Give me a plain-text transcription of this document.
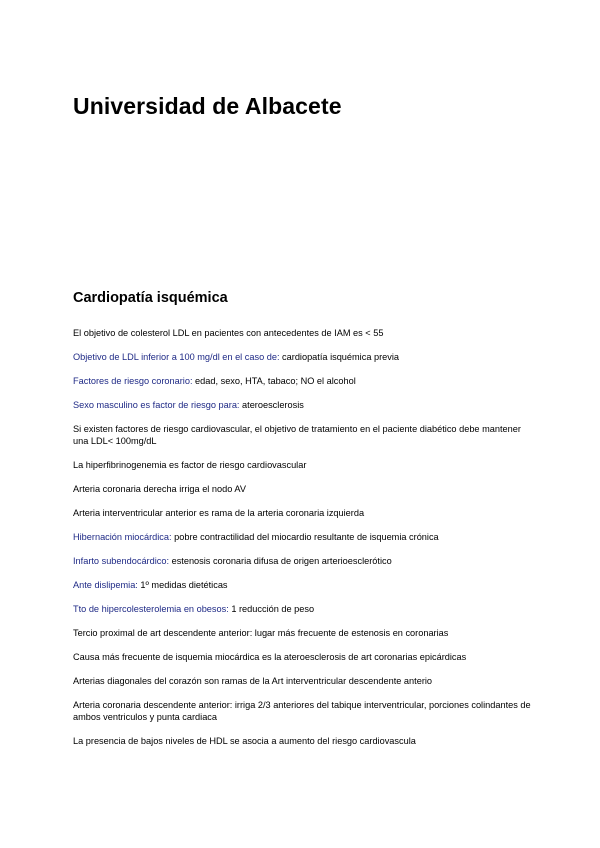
Universidad de Albacete
Cardiopatía isquémica

El objetivo de colesterol LDL en pacientes con antecedentes de IAM es < 55

Objetivo de LDL inferior a 100 mg/dl en el caso de: cardiopatía isquémica previa

Factores de riesgo coronario: edad, sexo, HTA, tabaco; NO el alcohol

Sexo masculino es factor de riesgo para: ateroesclerosis

Si existen factores de riesgo cardiovascular, el objetivo de tratamiento en el paciente diabético debe mantener una LDL< 100mg/dL

La hiperfibrinogenemia es factor de riesgo cardiovascular

Arteria coronaria derecha irriga el nodo AV

Arteria interventricular anterior es rama de la arteria coronaria izquierda

Hibernación miocárdica: pobre contractilidad del miocardio resultante de isquemia crónica

Infarto subendocárdico: estenosis coronaria difusa de origen arterioesclerótico

Ante dislipemia: 1º medidas dietéticas

Tto de hipercolesterolemia en obesos: 1 reducción de peso

Tercio proximal de art descendente anterior: lugar más frecuente de estenosis en coronarias

Causa más frecuente de isquemia miocárdica es la ateroesclerosis de art coronarias epicárdicas

Arterias diagonales del corazón son ramas de la Art interventricular descendente anterio

Arteria coronaria descendente anterior: irriga 2/3 anteriores del tabique interventricular, porciones colindantes de ambos ventriculos y punta cardiaca

La presencia de bajos niveles de HDL se asocia a aumento del riesgo cardiovascula
